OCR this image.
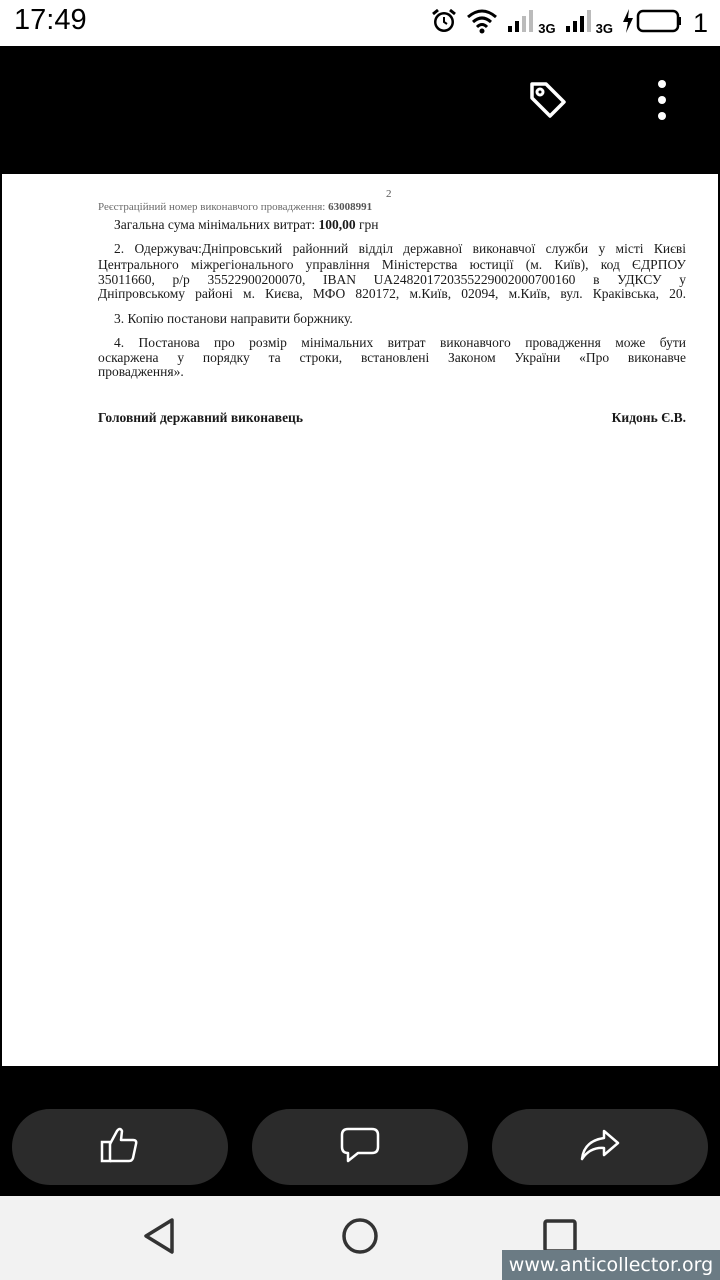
17:49	3G	3G	1
2
Реєстраційний номер виконавчого провадження: 63008991
Загальна сума мінімальних витрат: 100,00 грн
2. Одержувач:Дніпровський районний відділ державної виконавчої служби у місті Києві
Центрального міжрегіонального управління Міністерства юстиції (м. Київ), код ЄДРПОУ
35011660, р/р 35522900200070, IBAN UA248201720355229002000700160 в УДКСУ у
Дніпровському районі м. Києва, МФО 820172, м.Київ, 02094, м.Київ, вул. Краківська, 20.
3. Копію постанови направити боржнику.
4. Постанова про розмір мінімальних витрат виконавчого провадження може бути
оскаржена у порядку та строки, встановлені Законом України «Про виконавче
провадження».
Головний державний виконавець	Кидонь Є.В.
www.anticollector.org
